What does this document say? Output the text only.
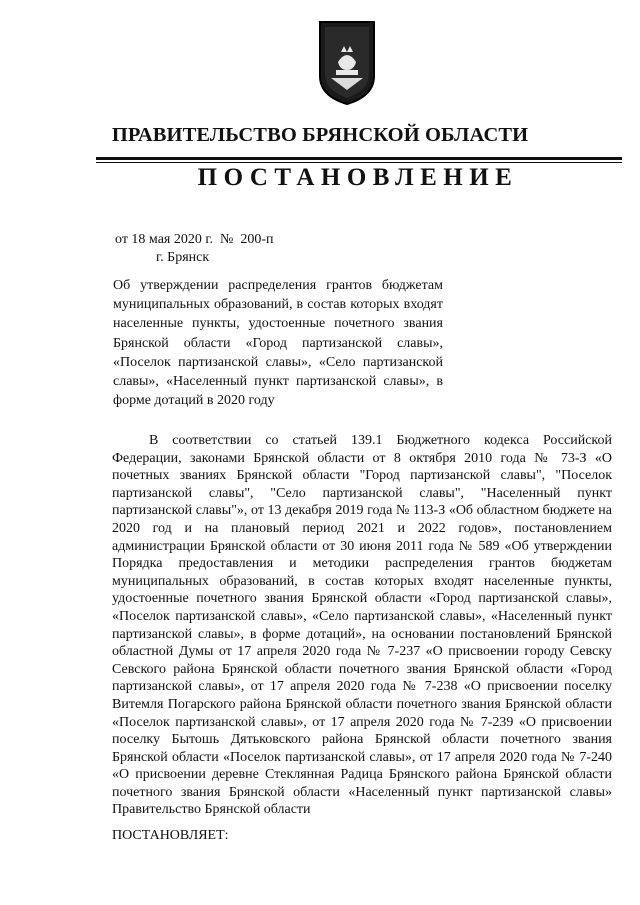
ПРАВИТЕЛЬСТВО БРЯНСКОЙ ОБЛАСТИ
ПОСТАНОВЛЕНИЕ
от 18 мая 2020 г.  №  200-п
г. Брянск
Об утверждении распределения грантов бюджетам муниципальных образований, в состав которых входят населенные пункты, удостоенные почетного звания Брянской области «Город партизанской славы», «Поселок партизанской славы», «Село партизанской славы», «Населенный пункт партизанской славы», в форме дотаций в 2020 году

В соответствии со статьей 139.1 Бюджетного кодекса Российской Федерации, законами Брянской области от 8 октября 2010 года № 73-З «О почетных званиях Брянской области "Город партизанской славы", "Поселок партизанской славы", "Село партизанской славы", "Населенный пункт партизанской славы"», от 13 декабря 2019 года № 113-З «Об областном бюджете на 2020 год и на плановый период 2021 и 2022 годов», постановлением администрации Брянской области от 30 июня 2011 года № 589 «Об утверждении Порядка предоставления и методики распределения грантов бюджетам муниципальных образований, в состав которых входят населенные пункты, удостоенные почетного звания Брянской области «Город партизанской славы», «Поселок партизанской славы», «Село партизанской славы», «Населенный пункт партизанской славы», в форме дотаций», на основании постановлений Брянской областной Думы от 17 апреля 2020 года № 7-237 «О присвоении городу Севску Севского района Брянской области почетного звания Брянской области «Город партизанской славы», от 17 апреля 2020 года № 7-238 «О присвоении поселку Витемля Погарского района Брянской области почетного звания Брянской области «Поселок партизанской славы», от 17 апреля 2020 года № 7-239 «О присвоении поселку Бытошь Дятьковского района Брянской области почетного звания Брянской области «Поселок партизанской славы», от 17 апреля 2020 года № 7-240 «О присвоении деревне Стеклянная Радица Брянского района Брянской области почетного звания Брянской области «Населенный пункт партизанской славы» Правительство Брянской области

ПОСТАНОВЛЯЕТ:
